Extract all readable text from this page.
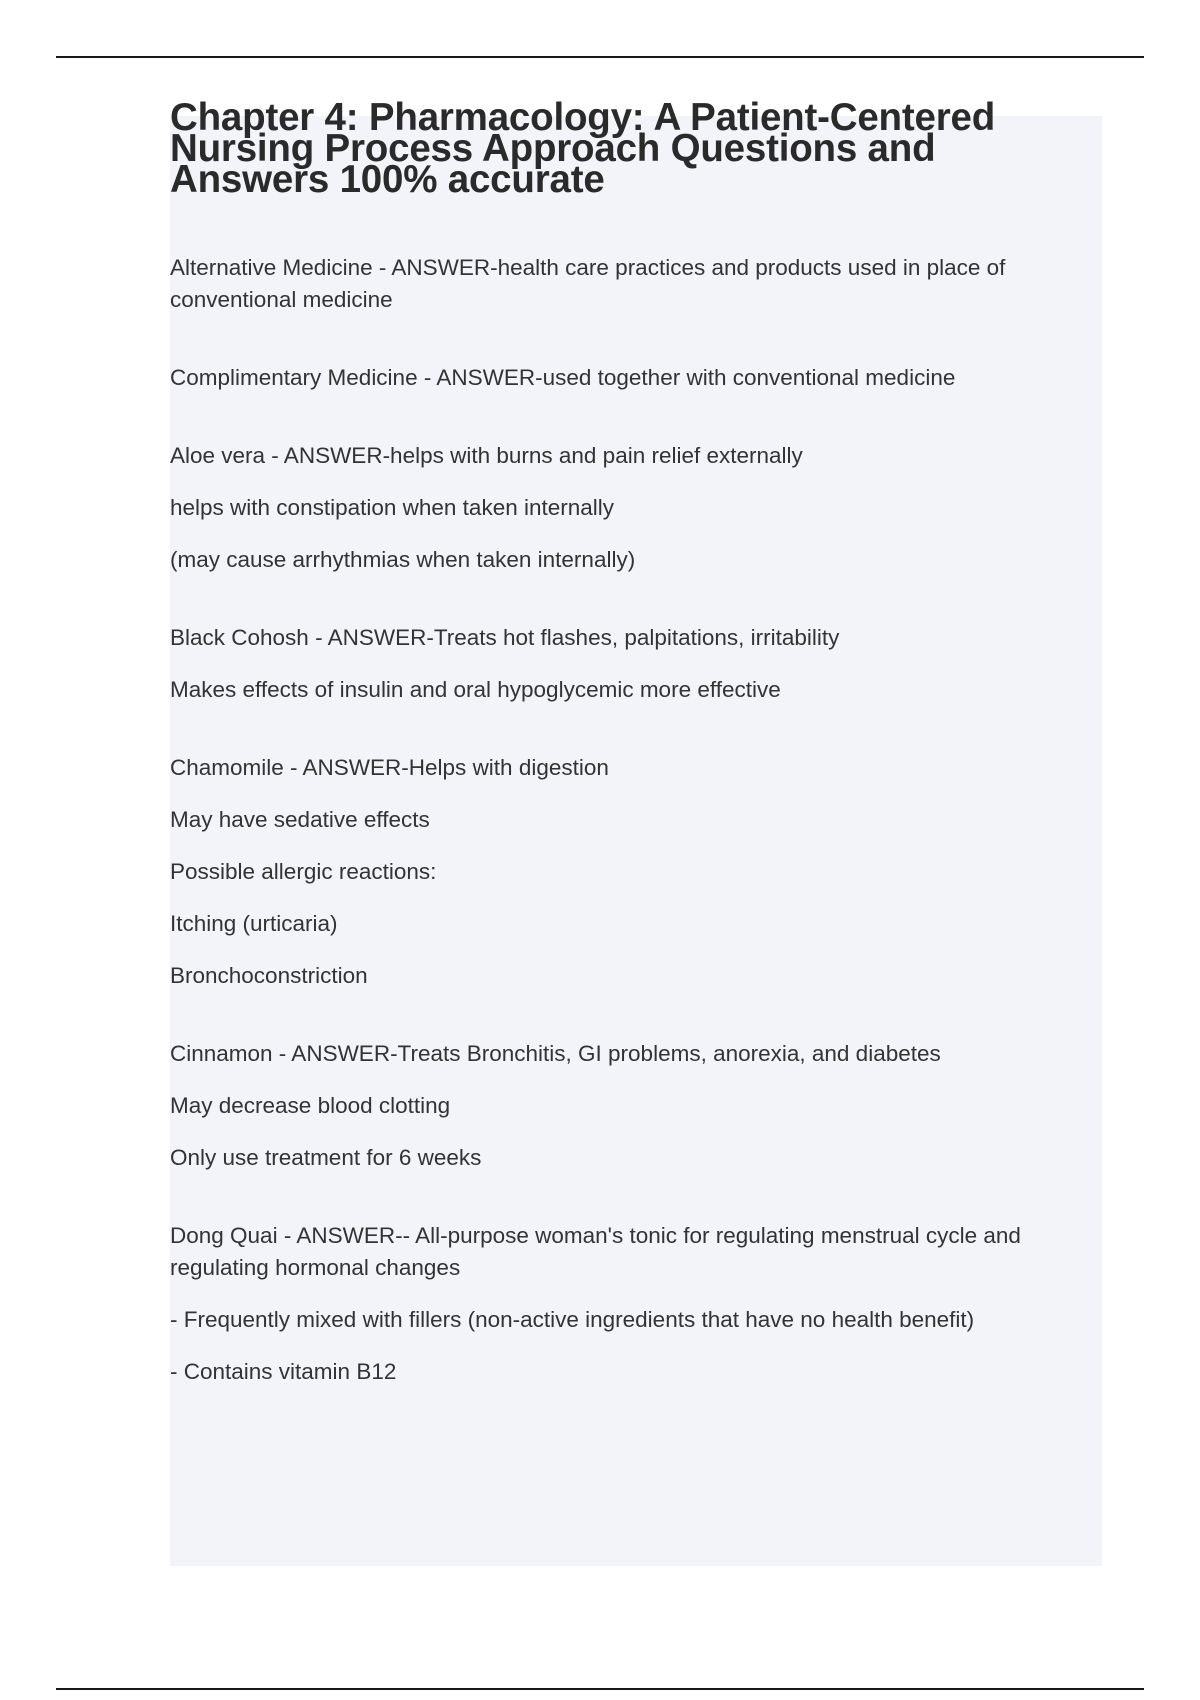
Chapter 4: Pharmacology: A Patient-Centered Nursing Process Approach Questions and Answers 100% accurate

Alternative Medicine - ANSWER-health care practices and products used in place of conventional medicine

Complimentary Medicine - ANSWER-used together with conventional medicine

Aloe vera - ANSWER-helps with burns and pain relief externally

helps with constipation when taken internally

(may cause arrhythmias when taken internally)

Black Cohosh - ANSWER-Treats hot flashes, palpitations, irritability

Makes effects of insulin and oral hypoglycemic more effective

Chamomile - ANSWER-Helps with digestion

May have sedative effects

Possible allergic reactions:

Itching (urticaria)

Bronchoconstriction

Cinnamon - ANSWER-Treats Bronchitis, GI problems, anorexia, and diabetes

May decrease blood clotting

Only use treatment for 6 weeks

Dong Quai - ANSWER-- All-purpose woman's tonic for regulating menstrual cycle and regulating hormonal changes

- Frequently mixed with fillers (non-active ingredients that have no health benefit)

- Contains vitamin B12
